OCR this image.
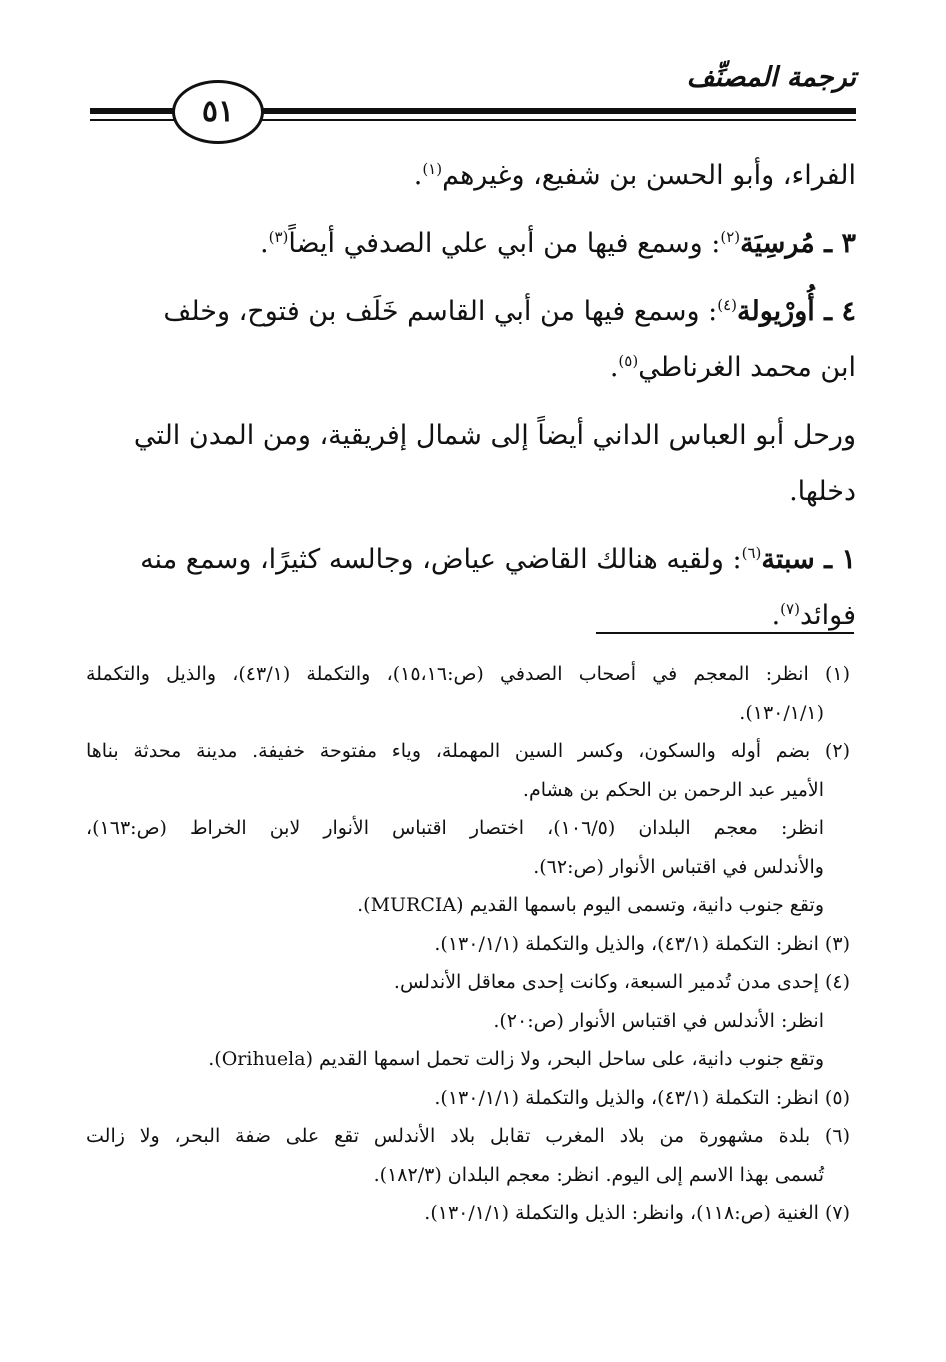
ترجمة المصنِّف
٥١

الفراء، وأبو الحسن بن شفيع، وغيرهم$^{(١)}$.

٣ ـ مُرسِيَة$^{(٢)}$: وسمع فيها من أبي علي الصدفي أيضاً$^{(٣)}$.

٤ ـ أُورْيولة$^{(٤)}$: وسمع فيها من أبي القاسم خَلَف بن فتوح، وخلف

ابن محمد الغرناطي$^{(٥)}$.

ورحل أبو العباس الداني أيضاً إلى شمال إفريقية، ومن المدن التي

دخلها.

١ ـ سبتة$^{(٦)}$: ولقيه هنالك القاضي عياض، وجالسه كثيرًا، وسمع منه

فوائد$^{(٧)}$.

(١) انظر: المعجم في أصحاب الصدفي (ص:١٥،١٦)، والتكملة (٤٣/١)، والذيل والتكملة

(١٣٠/١/١).

(٢) بضم أوله والسكون، وكسر السين المهملة، وياء مفتوحة خفيفة. مدينة محدثة بناها

الأمير عبد الرحمن بن الحكم بن هشام.

انظر: معجم البلدان (١٠٦/٥)، اختصار اقتباس الأنوار لابن الخراط (ص:١٦٣)،

والأندلس في اقتباس الأنوار (ص:٦٢).

وتقع جنوب دانية، وتسمى اليوم باسمها القديم (MURCIA).

(٣) انظر: التكملة (٤٣/١)، والذيل والتكملة (١٣٠/١/١).

(٤) إحدى مدن تُدمير السبعة، وكانت إحدى معاقل الأندلس.

انظر: الأندلس في اقتباس الأنوار (ص:٢٠).

وتقع جنوب دانية، على ساحل البحر، ولا زالت تحمل اسمها القديم (Orihuela).

(٥) انظر: التكملة (٤٣/١)، والذيل والتكملة (١٣٠/١/١).

(٦) بلدة مشهورة من بلاد المغرب تقابل بلاد الأندلس تقع على ضفة البحر، ولا زالت

تُسمى بهذا الاسم إلى اليوم. انظر: معجم البلدان (١٨٢/٣).

(٧) الغنية (ص:١١٨)، وانظر: الذيل والتكملة (١٣٠/١/١).
